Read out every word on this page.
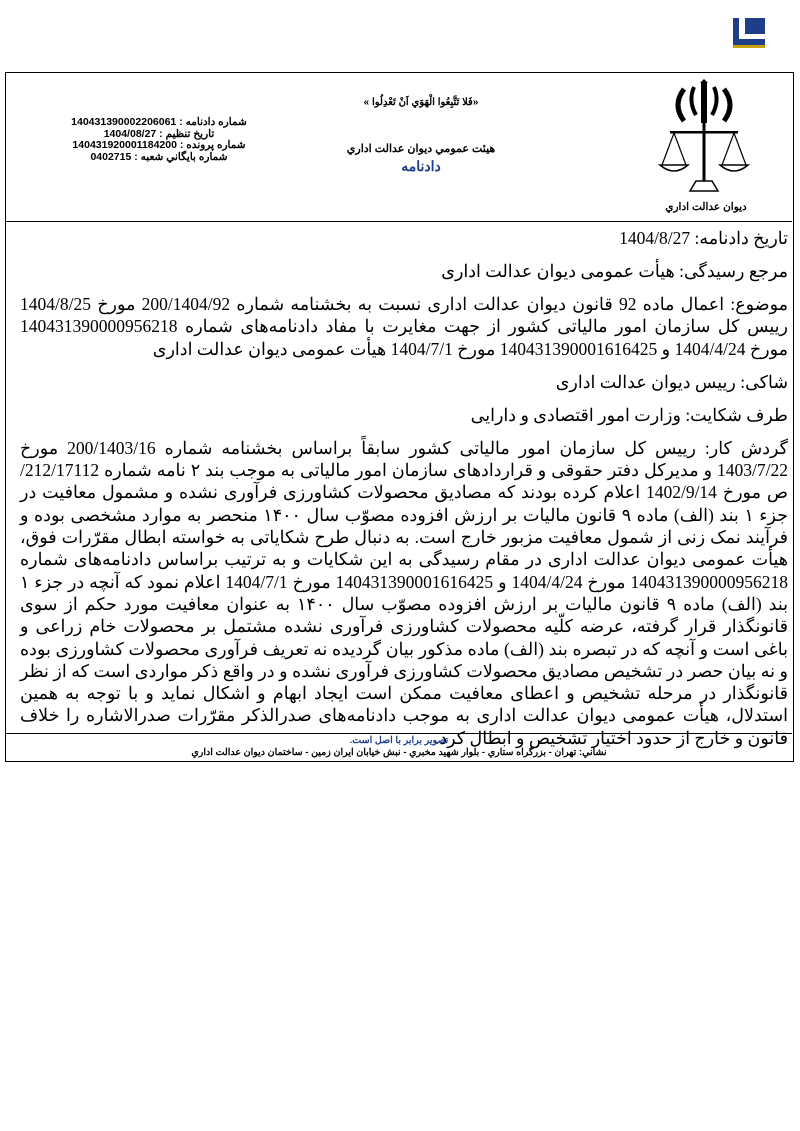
شماره دادنامه : 140431390002206061
تاريخ تنظيم : 1404/08/27
شماره پرونده : 140431920001184200
شماره بايگاني شعبه : 0402715
«فَلا تَتَّبِعُوا الْهَوَي اَنْ تَعْدِلُوا »
هيئت عمومي ديوان عدالت اداري
دادنامه
ديوان عدالت اداري

تاریخ دادنامه: 1404/8/27

مرجع رسیدگی: هیأت عمومی دیوان عدالت اداری

موضوع: اعمال ماده 92 قانون دیوان عدالت اداری نسبت به بخشنامه شماره 200/1404/92 مورخ 1404/8/25 رییس کل سازمان امور مالیاتی کشور از جهت مغایرت با مفاد دادنامه‌های شماره 140431390000956218 مورخ 1404/4/24 و 140431390001616425 مورخ 1404/7/1 هیأت عمومی دیوان عدالت اداری

شاکی: رییس دیوان عدالت اداری

طرف شکایت: وزارت امور اقتصادی و دارایی

گردش کار: رییس کل سازمان امور مالیاتی کشور سابقاً براساس بخشنامه شماره 200/1403/16 مورخ 1403/7/22 و مدیرکل دفتر حقوقی و قراردادهای سازمان امور مالیاتی به موجب بند ۲ نامه شماره 212/17112/ص مورخ 1402/9/14 اعلام کرده بودند که مصادیق محصولات کشاورزی فرآوری نشده و مشمول معافیت در جزء ۱ بند (الف) ماده ۹ قانون مالیات بر ارزش افزوده مصوّب سال ۱۴۰۰ منحصر به موارد مشخصی بوده و فرآیند نمک زنی از شمول معافیت مزبور خارج است. به دنبال طرح شکایاتی به خواسته ابطال مقرّرات فوق، هیأت عمومی دیوان عدالت اداری در مقام رسیدگی به این شکایات و به ترتیب براساس دادنامه‌های شماره 140431390000956218 مورخ 1404/4/24 و 140431390001616425 مورخ 1404/7/1 اعلام نمود که آنچه در جزء ۱ بند (الف) ماده ۹ قانون مالیات بر ارزش افزوده مصوّب سال ۱۴۰۰ به عنوان معافیت مورد حکم از سوی قانونگذار قرار گرفته، عرضه کلّیه محصولات کشاورزی فرآوری نشده مشتمل بر محصولات خام زراعی و باغی است و آنچه که در تبصره بند (الف) ماده مذکور بیان گردیده نه تعریف فرآوری محصولات کشاورزی بوده و نه بیان حصر در تشخیص مصادیق محصولات کشاورزی فرآوری نشده و در واقع ذکر مواردی است که از نظر قانونگذار در مرحله تشخیص و اعطای معافیت ممکن است ایجاد ابهام و اشکال نماید و با توجه به همین استدلال، هیأت عمومی دیوان عدالت اداری به موجب دادنامه‌های صدرالذکر مقرّرات صدرالاشاره را خلاف قانون و خارج از حدود اختیار تشخیص و ابطال کرد.

تصوير برابر با اصل است.
نشاني: تهران - بزرگراه ستاري - بلوار شهيد مخبري - نبش خيابان ايران زمين - ساختمان ديوان عدالت اداري
